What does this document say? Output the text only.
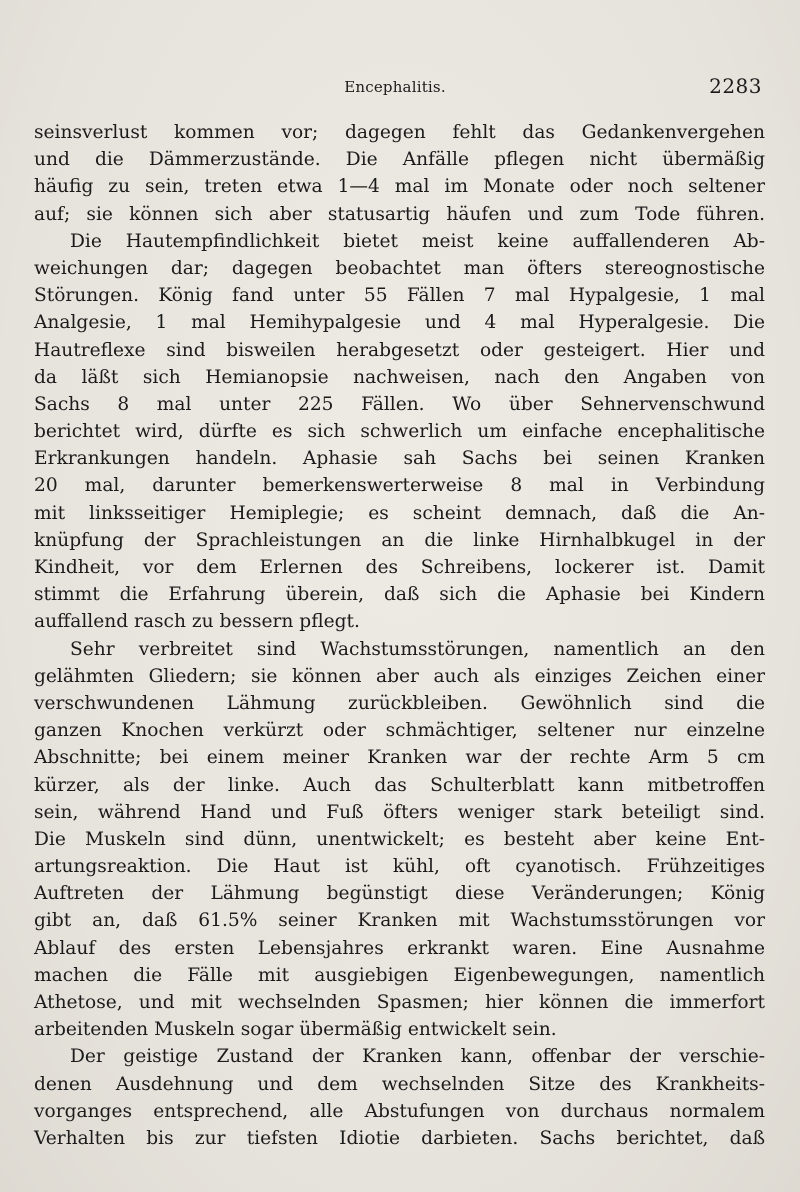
Encephalitis.	2283
seinsverlust kommen vor; dagegen fehlt das Gedankenvergehen
und die Dämmerzustände. Die Anfälle pflegen nicht übermäßig
häufig zu sein, treten etwa 1—4 mal im Monate oder noch seltener
auf; sie können sich aber statusartig häufen und zum Tode führen.
Die Hautempfindlichkeit bietet meist keine auffallenderen Ab-
weichungen dar; dagegen beobachtet man öfters stereognostische
Störungen. König fand unter 55 Fällen 7 mal Hypalgesie, 1 mal
Analgesie, 1 mal Hemihypalgesie und 4 mal Hyperalgesie. Die
Hautreflexe sind bisweilen herabgesetzt oder gesteigert. Hier und
da läßt sich Hemianopsie nachweisen, nach den Angaben von
Sachs 8 mal unter 225 Fällen. Wo über Sehnervenschwund
berichtet wird, dürfte es sich schwerlich um einfache encephalitische
Erkrankungen handeln. Aphasie sah Sachs bei seinen Kranken
20 mal, darunter bemerkenswerterweise 8 mal in Verbindung
mit linksseitiger Hemiplegie; es scheint demnach, daß die An-
knüpfung der Sprachleistungen an die linke Hirnhalbkugel in der
Kindheit, vor dem Erlernen des Schreibens, lockerer ist. Damit
stimmt die Erfahrung überein, daß sich die Aphasie bei Kindern
auffallend rasch zu bessern pflegt.
Sehr verbreitet sind Wachstumsstörungen, namentlich an den
gelähmten Gliedern; sie können aber auch als einziges Zeichen einer
verschwundenen Lähmung zurückbleiben. Gewöhnlich sind die
ganzen Knochen verkürzt oder schmächtiger, seltener nur einzelne
Abschnitte; bei einem meiner Kranken war der rechte Arm 5 cm
kürzer, als der linke. Auch das Schulterblatt kann mitbetroffen
sein, während Hand und Fuß öfters weniger stark beteiligt sind.
Die Muskeln sind dünn, unentwickelt; es besteht aber keine Ent-
artungsreaktion. Die Haut ist kühl, oft cyanotisch. Frühzeitiges
Auftreten der Lähmung begünstigt diese Veränderungen; König
gibt an, daß 61.5% seiner Kranken mit Wachstumsstörungen vor
Ablauf des ersten Lebensjahres erkrankt waren. Eine Ausnahme
machen die Fälle mit ausgiebigen Eigenbewegungen, namentlich
Athetose, und mit wechselnden Spasmen; hier können die immerfort
arbeitenden Muskeln sogar übermäßig entwickelt sein.
Der geistige Zustand der Kranken kann, offenbar der verschie-
denen Ausdehnung und dem wechselnden Sitze des Krankheits-
vorganges entsprechend, alle Abstufungen von durchaus normalem
Verhalten bis zur tiefsten Idiotie darbieten. Sachs berichtet, daß
